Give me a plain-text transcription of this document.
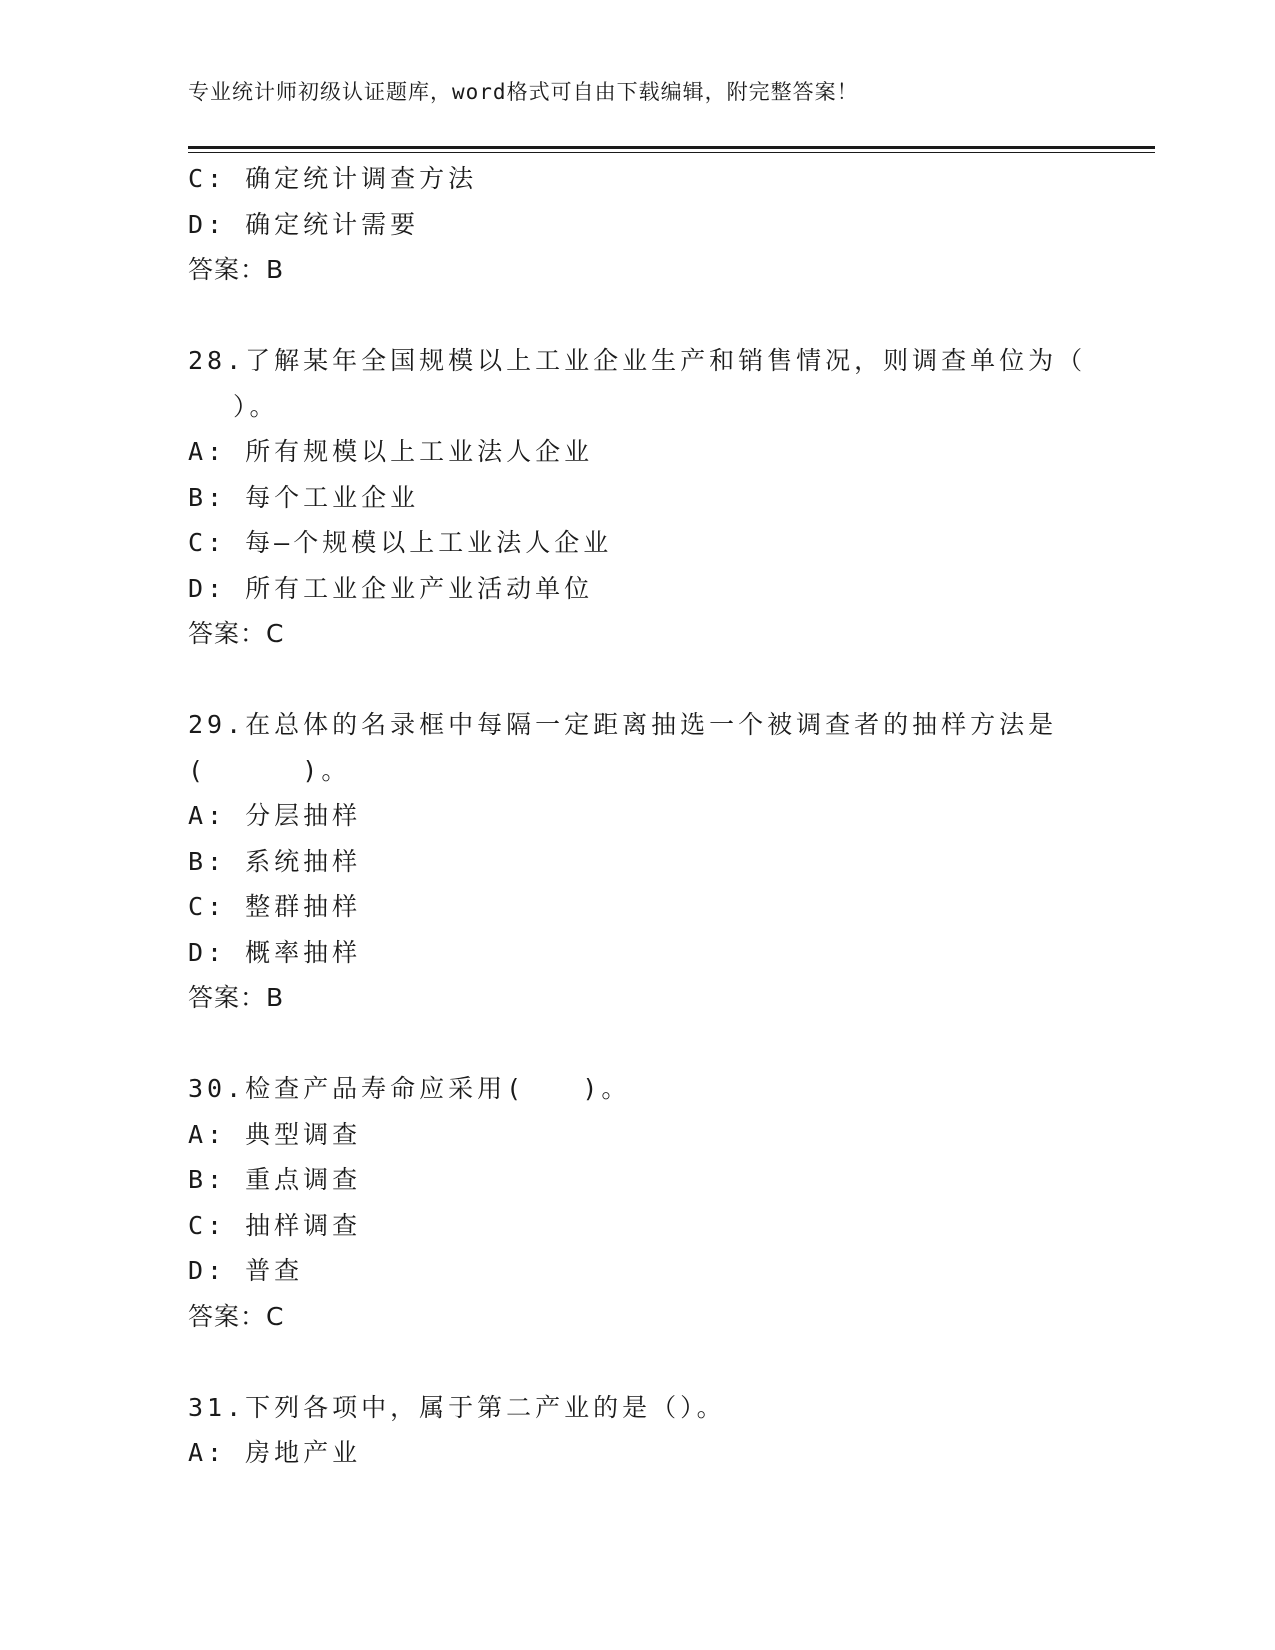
专业统计师初级认证题库，word格式可自由下载编辑，附完整答案！
C: 确定统计调查方法
D: 确定统计需要
答案：B
28.了解某年全国规模以上工业企业生产和销售情况，则调查单位为（
）。
A: 所有规模以上工业法人企业
B: 每个工业企业
C: 每—个规模以上工业法人企业
D: 所有工业企业产业活动单位
答案：C
29.在总体的名录框中每隔一定距离抽选一个被调查者的抽样方法是
(     )。
A: 分层抽样
B: 系统抽样
C: 整群抽样
D: 概率抽样
答案：B
30.检查产品寿命应采用(   )。
A: 典型调查
B: 重点调查
C: 抽样调查
D: 普查
答案：C
31.下列各项中，属于第二产业的是（）。
A: 房地产业
